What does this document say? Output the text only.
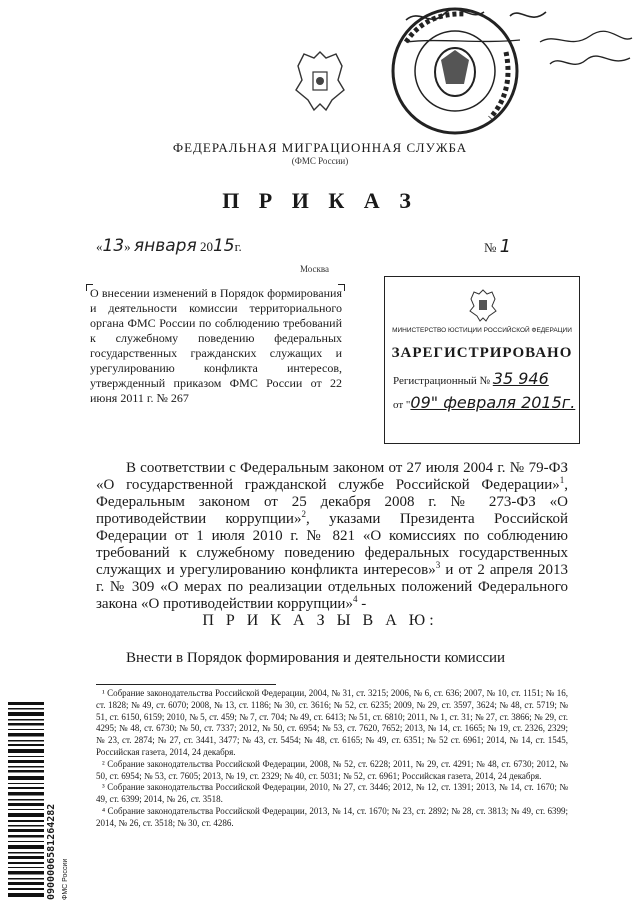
ФЕДЕРАЛЬНАЯ МИГРАЦИОННАЯ СЛУЖБА
(ФМС России)
П Р И К А З
«13» января 2015г.	№ 1
Москва
О внесении изменений в Порядок формирования и деятельности комиссии территориального органа ФМС России по соблюдению требований к служебному поведению федеральных государственных гражданских служащих и урегулированию конфликта интересов, утвержденный приказом ФМС России от 22 июня 2011 г. № 267
МИНИСТЕРСТВО ЮСТИЦИИ РОССИЙСКОЙ ФЕДЕРАЦИИ
ЗАРЕГИСТРИРОВАНО
Регистрационный № 35 946
от "09" февраля 2015г.
В соответствии с Федеральным законом от 27 июля 2004 г. № 79-ФЗ «О государственной гражданской службе Российской Федерации»$^1$, Федеральным законом от 25 декабря 2008 г. № 273-ФЗ «О противодействии коррупции»$^2$, указами Президента Российской Федерации от 1 июля 2010 г. № 821 «О комиссиях по соблюдению требований к служебному поведению федеральных государственных служащих и урегулированию конфликта интересов»$^3$ и от 2 апреля 2013 г. № 309 «О мерах по реализации отдельных положений Федерального закона «О противодействии коррупции»$^4$ -
П Р И К А З Ы В А Ю:
Внести в Порядок формирования и деятельности комиссии

¹ Собрание законодательства Российской Федерации, 2004, № 31, ст. 3215; 2006, № 6, ст. 636; 2007, № 10, ст. 1151; № 16, ст. 1828; № 49, ст. 6070; 2008, № 13, ст. 1186; № 30, ст. 3616; № 52, ст. 6235; 2009, № 29, ст. 3597, 3624; № 48, ст. 5719; № 51, ст. 6150, 6159; 2010, № 5, ст. 459; № 7, ст. 704; № 49, ст. 6413; № 51, ст. 6810; 2011, № 1, ст. 31; № 27, ст. 3866; № 29, ст. 4295; № 48, ст. 6730; № 50, ст. 7337; 2012, № 50, ст. 6954; № 53, ст. 7620, 7652; 2013, № 14, ст. 1665; № 19, ст. 2326, 2329; № 23, ст. 2874; № 27, ст. 3441, 3477; № 43, ст. 5454; № 48, ст. 6165; № 49, ст. 6351; № 52 ст. 6961; 2014, № 14, ст. 1545, Российская газета, 2014, 24 декабря.

² Собрание законодательства Российской Федерации, 2008, № 52, ст. 6228; 2011, № 29, ст. 4291; № 48, ст. 6730; 2012, № 50, ст. 6954; № 53, ст. 7605; 2013, № 19, ст. 2329; № 40, ст. 5031; № 52, ст. 6961; Российская газета, 2014, 24 декабря.

³ Собрание законодательства Российской Федерации, 2010, № 27, ст. 3446; 2012, № 12, ст. 1391; 2013, № 14, ст. 1670; № 49, ст. 6399; 2014, № 26, ст. 3518.

⁴ Собрание законодательства Российской Федерации, 2013, № 14, ст. 1670; № 23, ст. 2892; № 28, ст. 3813; № 49, ст. 6399; 2014, № 26, ст. 3518; № 30, ст. 4286.

0900006581264282 ФМС России
